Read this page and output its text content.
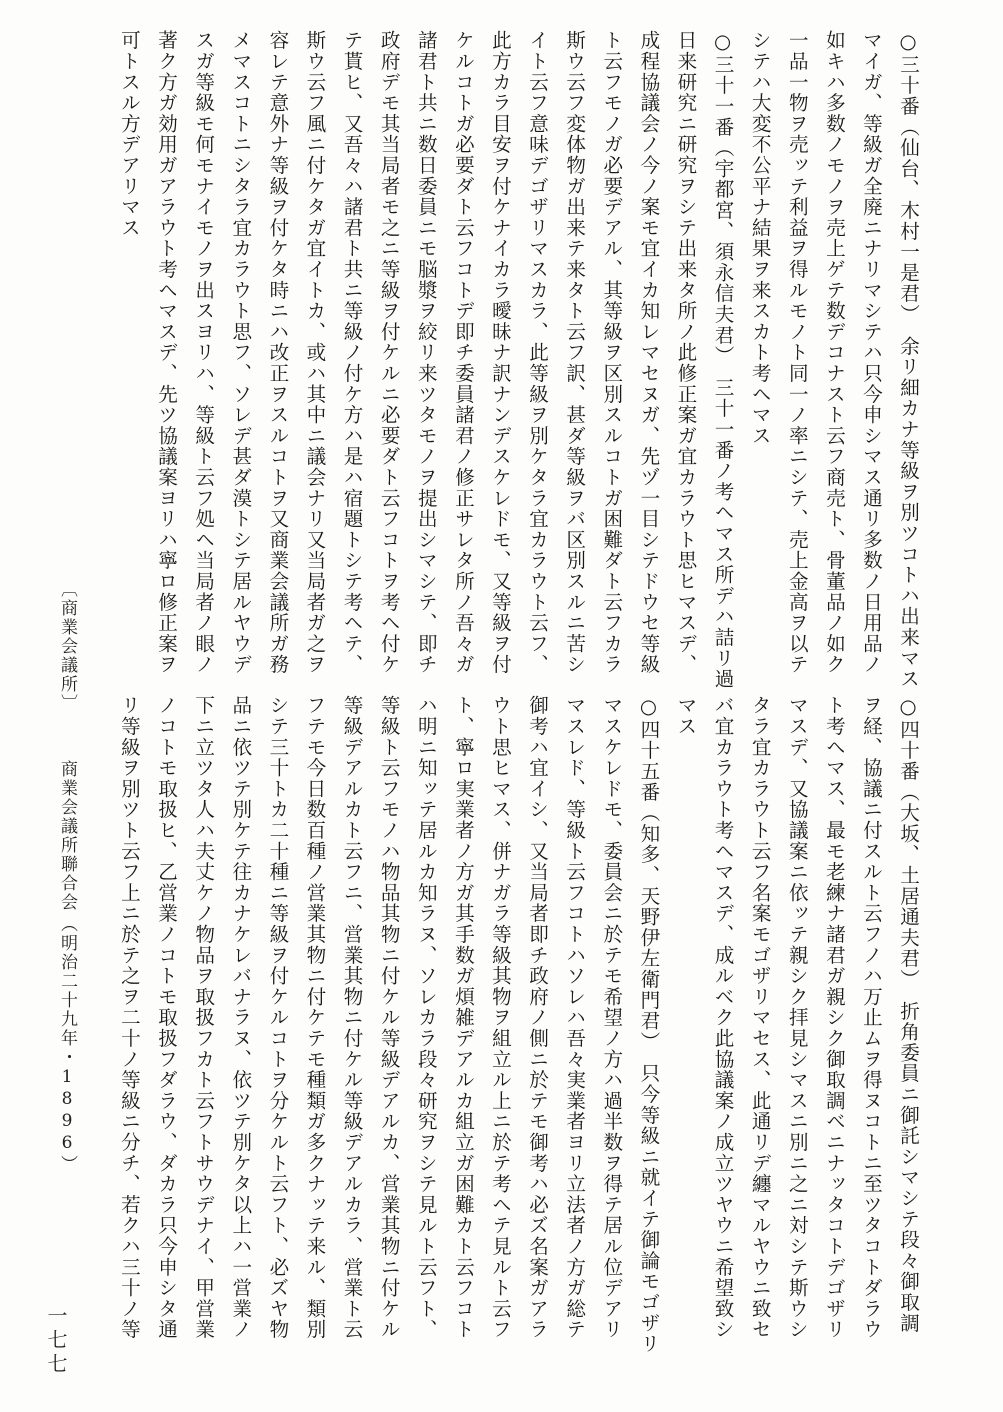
○三十番（仙台、木村一是君）　余リ細カナ等級ヲ別ツコトハ出来マス
マイガ、等級ガ全廃ニナリマシテハ只今申シマス通リ多数ノ日用品ノ
如キハ多数ノモノヲ売上ゲテ数デコナスト云フ商売ト、骨董品ノ如ク
一品一物ヲ売ッテ利益ヲ得ルモノト同一ノ率ニシテ、売上金高ヲ以テ
シテハ大変不公平ナ結果ヲ来スカト考ヘマス
○三十一番（宇都宮、須永信夫君）　三十一番ノ考ヘマス所デハ詰リ過
日来研究ニ研究ヲシテ出来タ所ノ此修正案ガ宜カラウト思ヒマスデ、
成程協議会ノ今ノ案モ宜イカ知レマセヌガ、先ヅ一目シテドウセ等級
ト云フモノガ必要デアル、其等級ヲ区別スルコトガ困難ダト云フカラ
斯ウ云フ変体物ガ出来テ来タト云フ訳、甚ダ等級ヲバ区別スルニ苦シ
イト云フ意味デゴザリマスカラ、此等級ヲ別ケタラ宜カラウト云フ、
此方カラ目安ヲ付ケナイカラ曖昧ナ訳ナンデスケレドモ、又等級ヲ付
ケルコトガ必要ダト云フコトデ即チ委員諸君ノ修正サレタ所ノ吾々ガ
諸君ト共ニ数日委員ニモ脳漿ヲ絞リ来ツタモノヲ提出シマシテ、即チ
政府デモ其当局者モ之ニ等級ヲ付ケルニ必要ダト云フコトヲ考ヘ付ケ
テ貰ヒ、又吾々ハ諸君ト共ニ等級ノ付ケ方ハ是ハ宿題トシテ考ヘテ、
斯ウ云フ風ニ付ケタガ宜イトカ、或ハ其中ニ議会ナリ又当局者ガ之ヲ
容レテ意外ナ等級ヲ付ケタ時ニハ改正ヲスルコトヲ又商業会議所ガ務
メマスコトニシタラ宜カラウト思フ、ソレデ甚ダ漠トシテ居ルヤウデ
スガ等級モ何モナイモノヲ出スヨリハ、等級ト云フ処ヘ当局者ノ眼ノ
著ク方ガ効用ガアラウト考ヘマスデ、先ツ協議案ヨリハ寧ロ修正案ヲ
可トスル方デアリマス
○四十番（大坂、土居通夫君）　折角委員ニ御託シマシテ段々御取調
ヲ経、協議ニ付スルト云フノハ万止ムヲ得ヌコトニ至ツタコトダラウ
ト考ヘマス、最モ老練ナ諸君ガ親シク御取調ベニナッタコトデゴザリ
マスデ、又協議案ニ依ッテ親シク拝見シマスニ別ニ之ニ対シテ斯ウシ
タラ宜カラウト云フ名案モゴザリマセス、此通リデ纏マルヤウニ致セ
バ宜カラウト考ヘマスデ、成ルベク此協議案ノ成立ツヤウニ希望致シ
マス
○四十五番（知多、天野伊左衛門君）　只今等級ニ就イテ御論モゴザリ
マスケレドモ、委員会ニ於テモ希望ノ方ハ過半数ヲ得テ居ル位デアリ
マスレド、等級ト云フコトハソレハ吾々実業者ヨリ立法者ノ方ガ総テ
御考ハ宜イシ、又当局者即チ政府ノ側ニ於テモ御考ハ必ズ名案ガアラ
ウト思ヒマス、併ナガラ等級其物ヲ組立ル上ニ於テ考ヘテ見ルト云フ
ト、寧ロ実業者ノ方ガ其手数ガ煩雑デアルカ組立ガ困難カト云フコト
ハ明ニ知ッテ居ルカ知ラヌ、ソレカラ段々研究ヲシテ見ルト云フト、
等級ト云フモノハ物品其物ニ付ケル等級デアルカ、営業其物ニ付ケル
等級デアルカト云フニ、営業其物ニ付ケル等級デアルカラ、営業ト云
フテモ今日数百種ノ営業其物ニ付ケテモ種類ガ多クナッテ来ル、類別
シテ三十トカ二十種ニ等級ヲ付ケルコトヲ分ケルト云フト、必ズヤ物
品ニ依ツテ別ケテ往カナケレバナラヌ、依ツテ別ケタ以上ハ一営業ノ
下ニ立ツタ人ハ夫丈ケノ物品ヲ取扱フカト云フトサウデナイ、甲営業
ノコトモ取扱ヒ、乙営業ノコトモ取扱フダラウ、ダカラ只今申シタ通
リ等級ヲ別ツト云フ上ニ於テ之ヲ二十ノ等級ニ分チ、若クハ三十ノ等
〔商業会議所〕
商業会議所聯合会
（明治二十九年・1896）
一七七
